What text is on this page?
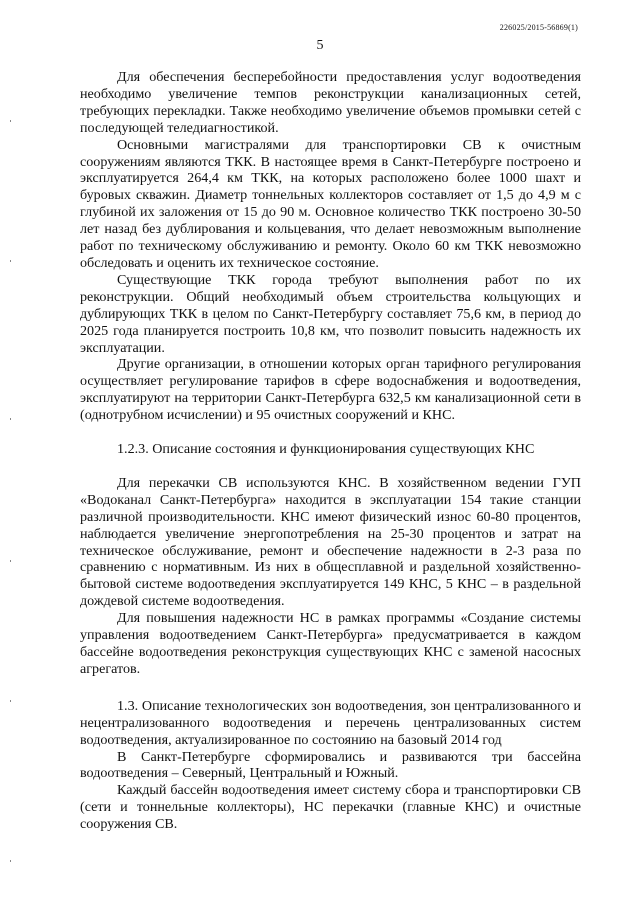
226025/2015-56869(1)
5

Для обеспечения бесперебойности предоставления услуг водоотведения необходимо увеличение темпов реконструкции канализационных сетей, требующих перекладки. Также необходимо увеличение объемов промывки сетей с последующей теледиагностикой.

Основными магистралями для транспортировки СВ к очистным сооружениям являются ТКК. В настоящее время в Санкт-Петербурге построено и эксплуатируется 264,4 км ТКК, на которых расположено более 1000 шахт и буровых скважин. Диаметр тоннельных коллекторов составляет от 1,5 до 4,9 м с глубиной их заложения от 15 до 90 м. Основное количество ТКК построено 30-50 лет назад без дублирования и кольцевания, что делает невозможным выполнение работ по техническому обслуживанию и ремонту. Около 60 км ТКК невозможно обследовать и оценить их техническое состояние.

Существующие ТКК города требуют выполнения работ по их реконструкции. Общий необходимый объем строительства кольцующих и дублирующих ТКК в целом по Санкт-Петербургу составляет 75,6 км, в период до 2025 года планируется построить 10,8 км, что позволит повысить надежность их эксплуатации.

Другие организации, в отношении которых орган тарифного регулирования осуществляет регулирование тарифов в сфере водоснабжения и водоотведения, эксплуатируют на территории Санкт-Петербурга 632,5 км канализационной сети в (однотрубном исчислении) и 95 очистных сооружений и КНС.

1.2.3. Описание состояния и функционирования существующих КНС

Для перекачки СВ используются КНС. В хозяйственном ведении ГУП «Водоканал Санкт-Петербурга» находится в эксплуатации 154 такие станции различной производительности. КНС имеют физический износ 60-80 процентов, наблюдается увеличение энергопотребления на 25-30 процентов и затрат на техническое обслуживание, ремонт и обеспечение надежности в 2-3 раза по сравнению с нормативным. Из них в общесплавной и раздельной хозяйственно-бытовой системе водоотведения эксплуатируется 149 КНС, 5 КНС – в раздельной дождевой системе водоотведения.

Для повышения надежности НС в рамках программы «Создание системы управления водоотведением Санкт-Петербурга» предусматривается в каждом бассейне водоотведения реконструкция существующих КНС с заменой насосных агрегатов.

1.3. Описание технологических зон водоотведения, зон централизованного и нецентрализованного водоотведения и перечень централизованных систем водоотведения, актуализированное по состоянию на базовый 2014 год

В Санкт-Петербурге сформировались и развиваются три бассейна водоотведения – Северный, Центральный и Южный.

Каждый бассейн водоотведения имеет систему сбора и транспортировки СВ (сети и тоннельные коллекторы), НС перекачки (главные КНС) и очистные сооружения СВ.
